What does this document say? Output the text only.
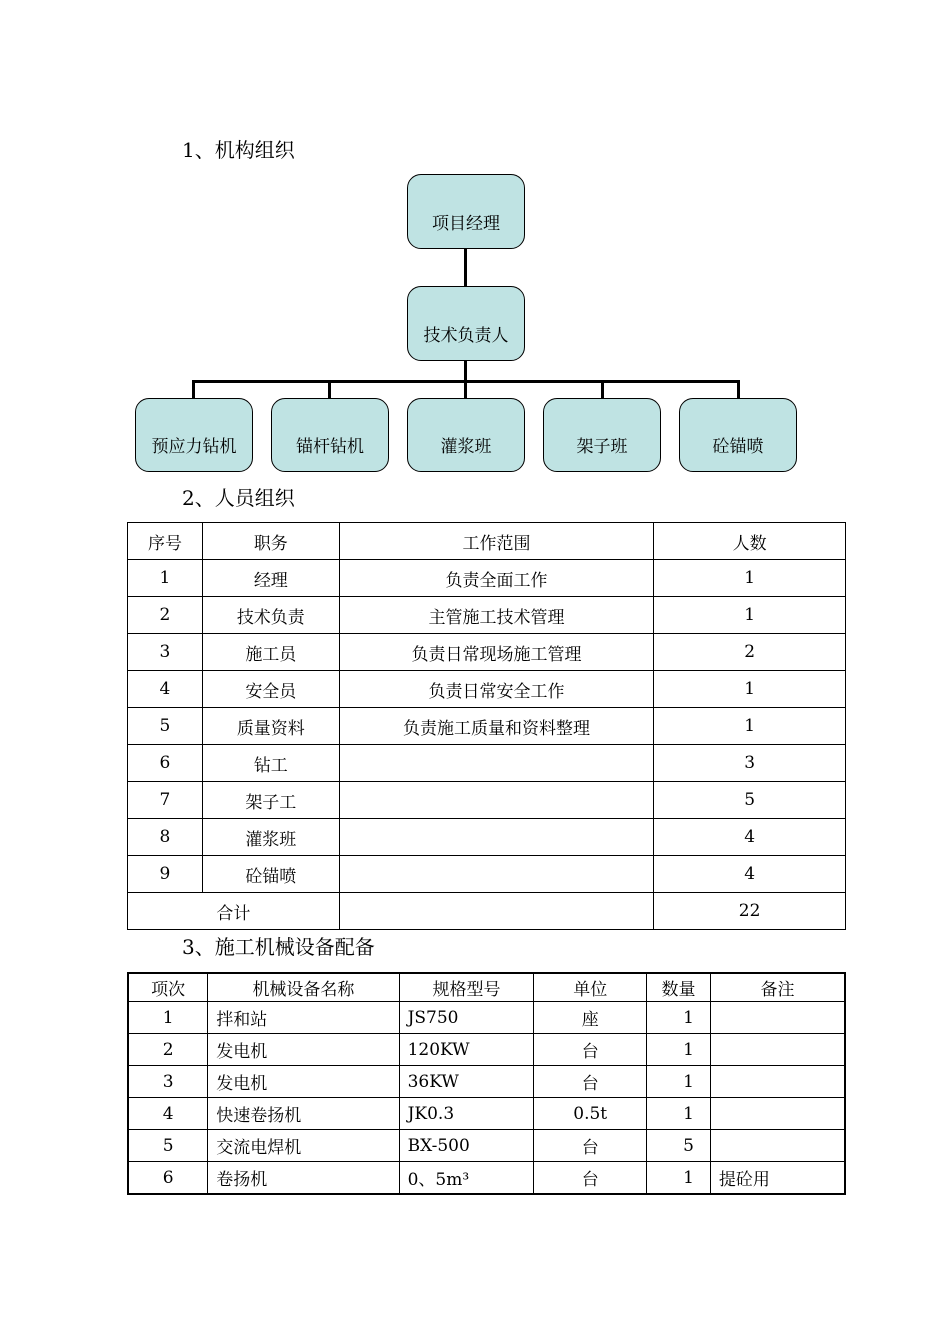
1、机构组织
项目经理
技术负责人
预应力钻机	锚杆钻机	灌浆班	架子班	砼锚喷
2、人员组织
序号	职务	工作范围	人数
1	经理	负责全面工作	1
2	技术负责	主管施工技术管理	1
3	施工员	负责日常现场施工管理	2
4	安全员	负责日常安全工作	1
5	质量资料	负责施工质量和资料整理	1
6	钻工		3
7	架子工		5
8	灌浆班		4
9	砼锚喷		4
合计			22
3、施工机械设备配备
项次	机械设备名称	规格型号	单位	数量	备注
1	拌和站	JS750	座	1	
2	发电机	120KW	台	1	
3	发电机	36KW	台	1	
4	快速卷扬机	JK0.3	0.5t	1	
5	交流电焊机	BX-500	台	5	
6	卷扬机	0、5m³	台	1	提砼用
